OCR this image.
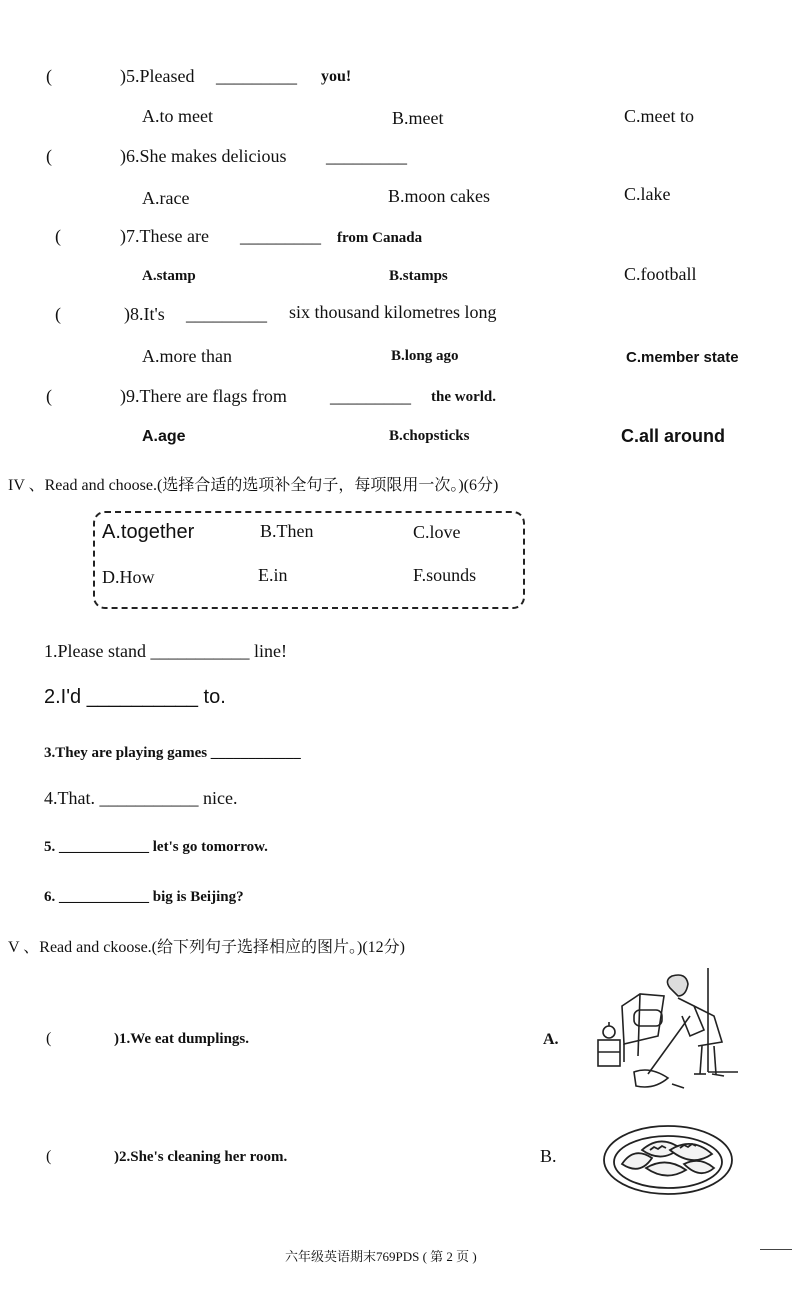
(	)5.Pleased _________ you!
A.to meet	B.meet	C.meet to
(	)6.She makes delicious _________
A.race	B.moon cakes	C.lake
(	)7.These are _________ from Canada
A.stamp	B.stamps	C.football
(	)8.It's _________ six thousand kilometres long
A.more than	B.long ago	C.member state
(	)9.There are flags from _________ the world.
A.age	B.chopsticks	C.all around
IV 、Read and choose.(选择合适的选项补全句子，每项限用一次。)(6分)
A.together	B.Then	C.love
D.How	E.in	F.sounds
1.Please stand ___________ line!
2.I'd __________ to.
3.They are playing games ____________
4.That. ___________ nice.
5. ____________ let's go tomorrow.
6. ____________ big is Beijing?
V 、Read and ckoose.(给下列句子选择相应的图片。)(12分)
(	)1.We eat dumplings.	A.
(	)2.She's cleaning her room.	B.
六年级英语期末769PDS ( 第 2 页 )
